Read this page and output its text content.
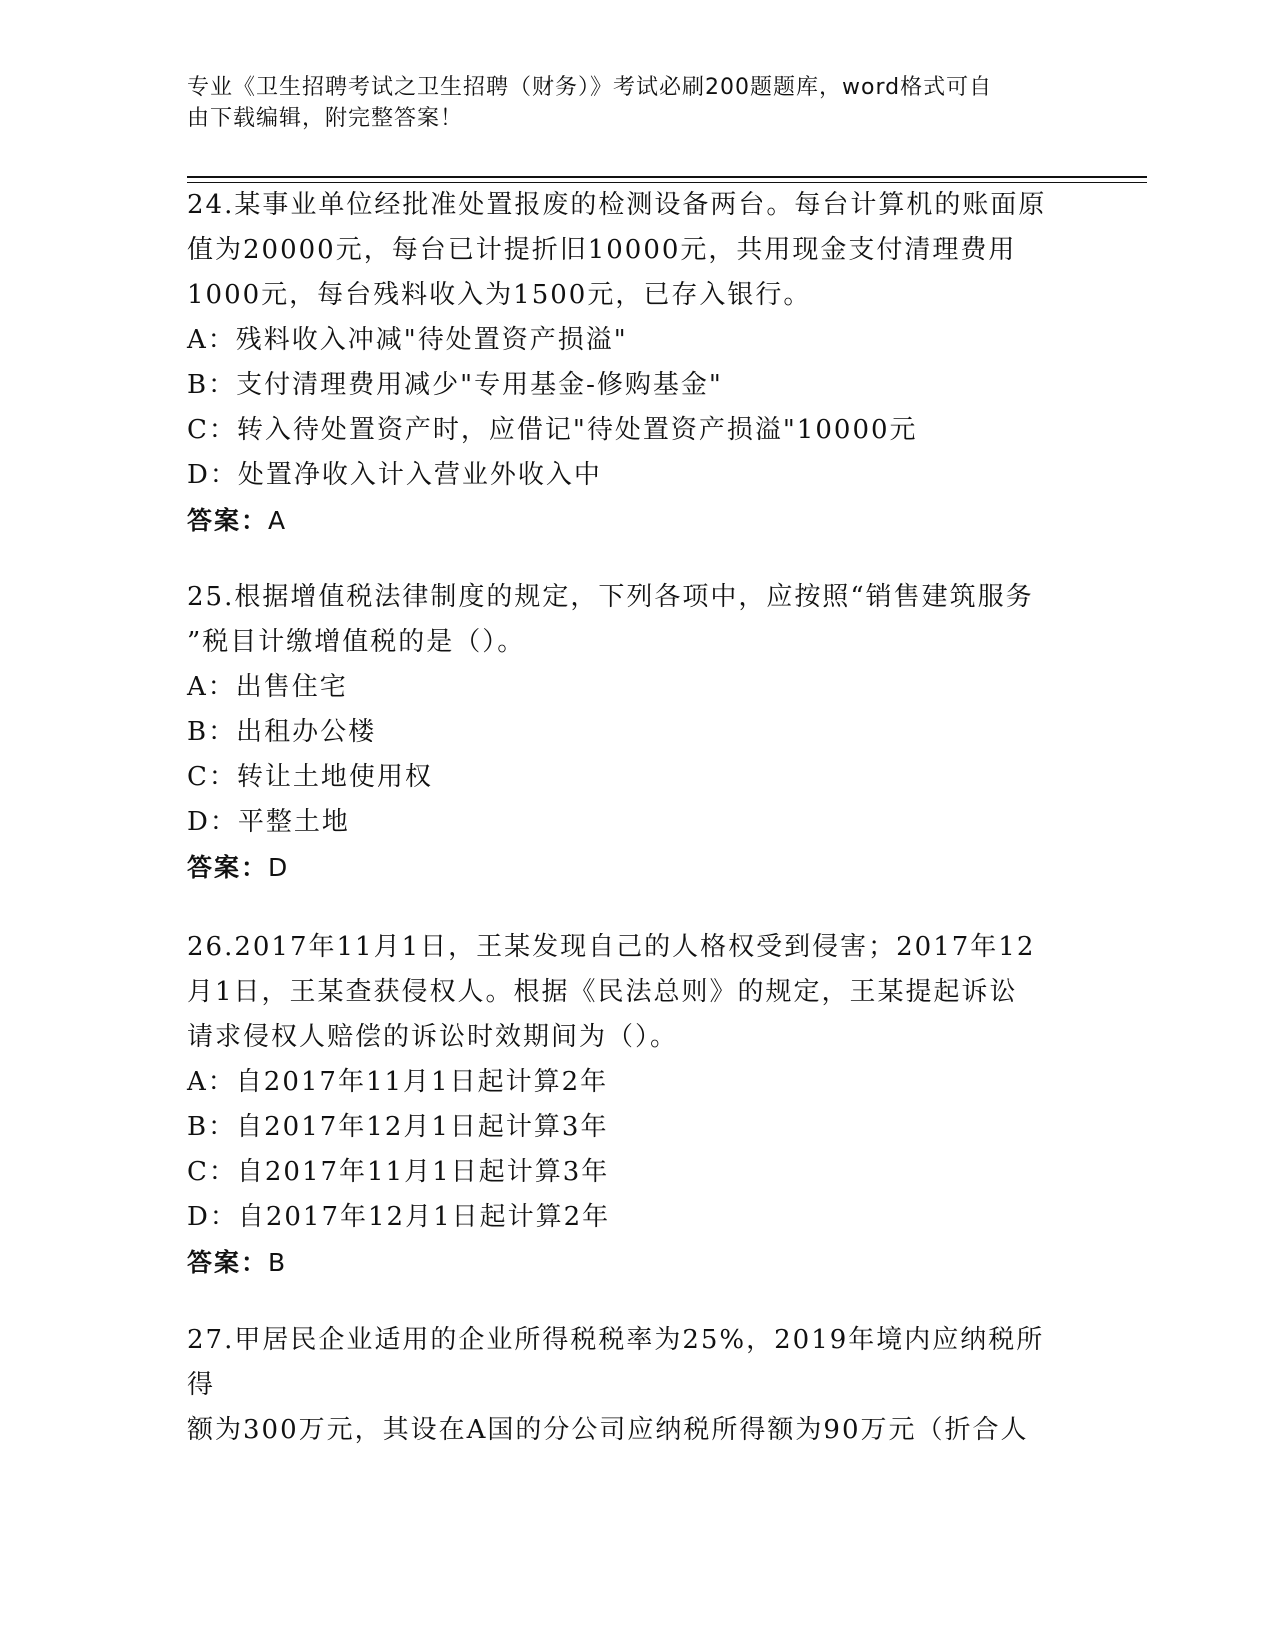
专业《卫生招聘考试之卫生招聘（财务）》考试必刷200题题库，word格式可自
由下载编辑，附完整答案！

24.某事业单位经批准处置报废的检测设备两台。每台计算机的账面原

值为20000元，每台已计提折旧10000元，共用现金支付清理费用

1000元，每台残料收入为1500元，已存入银行。

A：残料收入冲减"待处置资产损溢"

B：支付清理费用减少"专用基金-修购基金"

C：转入待处置资产时，应借记"待处置资产损溢"10000元

D：处置净收入计入营业外收入中

答案：A

25.根据增值税法律制度的规定，下列各项中，应按照“销售建筑服务

”税目计缴增值税的是（）。

A：出售住宅

B：出租办公楼

C：转让土地使用权

D：平整土地

答案：D

26.2017年11月1日，王某发现自己的人格权受到侵害；2017年12

月1日，王某查获侵权人。根据《民法总则》的规定，王某提起诉讼

请求侵权人赔偿的诉讼时效期间为（）。

A：自2017年11月1日起计算2年

B：自2017年12月1日起计算3年

C：自2017年11月1日起计算3年

D：自2017年12月1日起计算2年

答案：B

27.甲居民企业适用的企业所得税税率为25%，2019年境内应纳税所得

额为300万元，其设在A国的分公司应纳税所得额为90万元（折合人
